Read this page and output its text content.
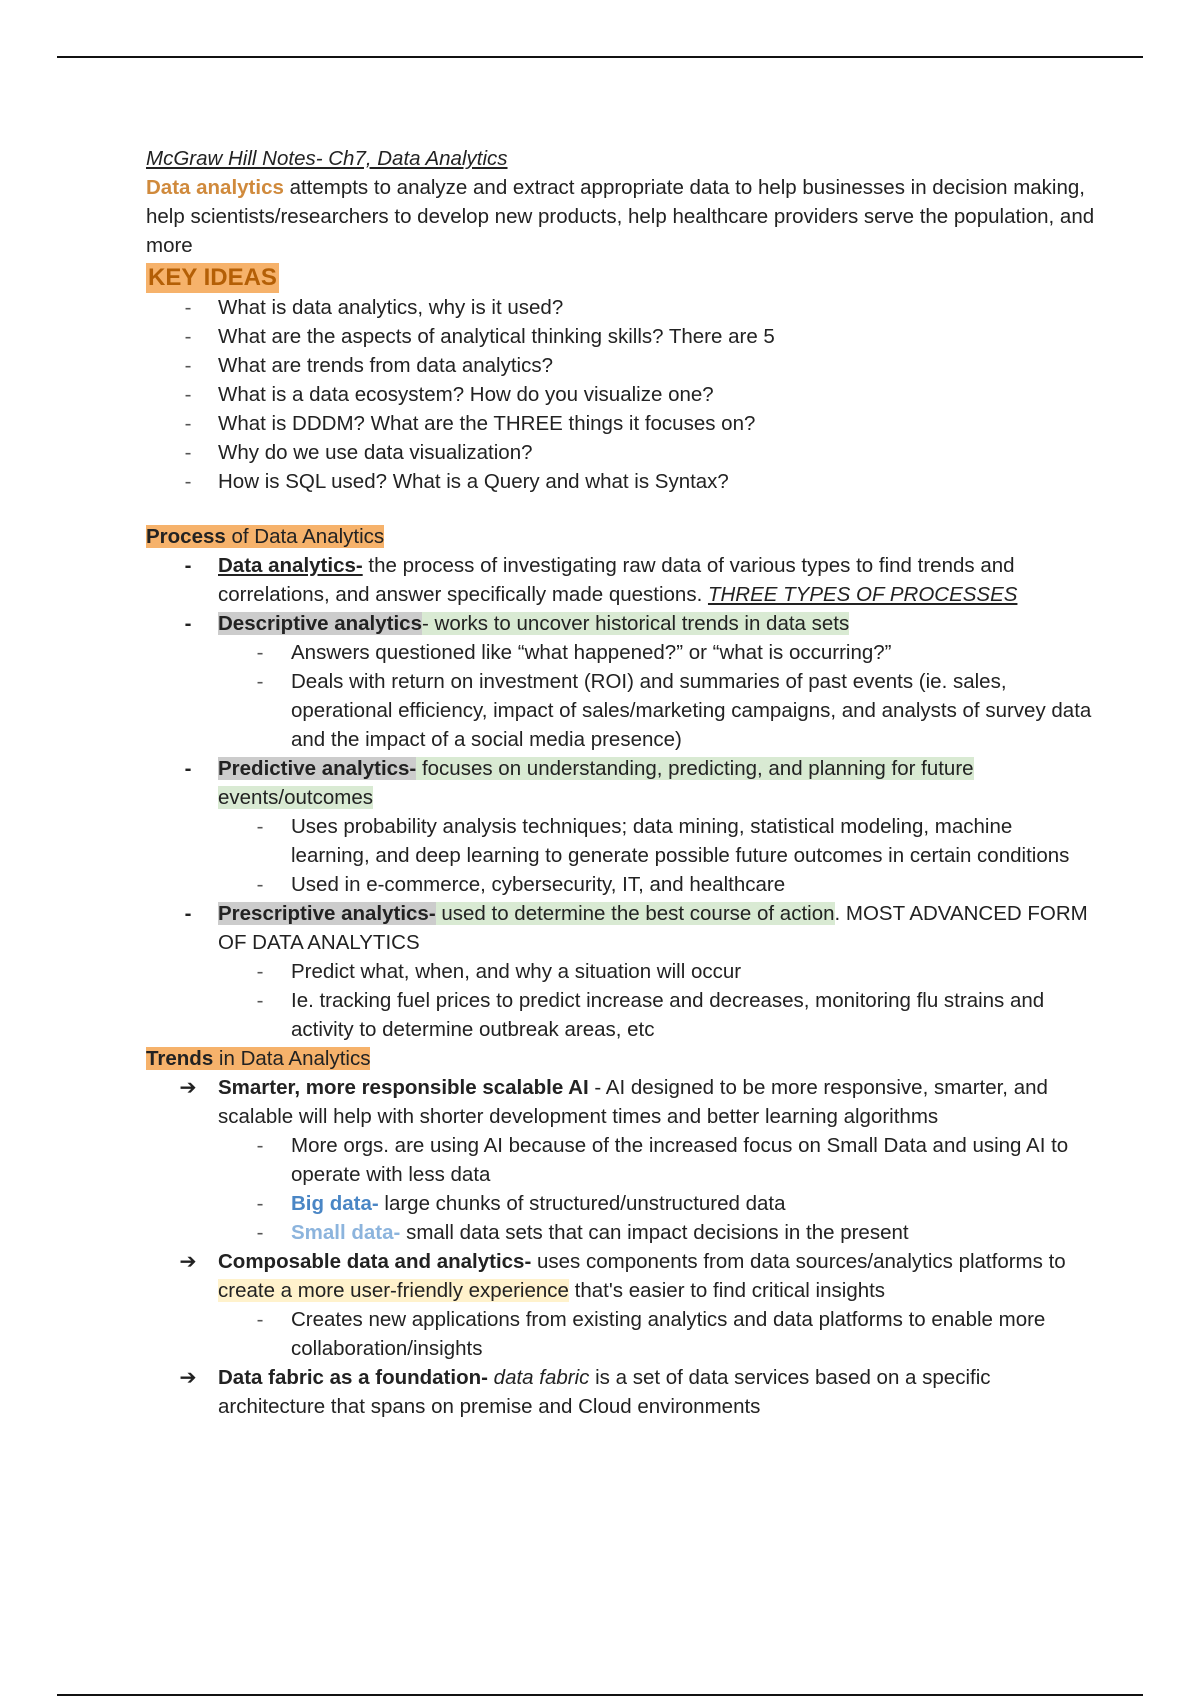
McGraw Hill Notes- Ch7, Data Analytics

Data analytics attempts to analyze and extract appropriate data to help businesses in decision making, help scientists/researchers to develop new products, help healthcare providers serve the population, and more

KEY IDEAS
-	What is data analytics, why is it used?
-	What are the aspects of analytical thinking skills? There are 5
-	What are trends from data analytics?
-	What is a data ecosystem? How do you visualize one?
-	What is DDDM? What are the THREE things it focuses on?
-	Why do we use data visualization?
-	How is SQL used? What is a Query and what is Syntax?

Process of Data Analytics

-	Data analytics- the process of investigating raw data of various types to find trends and correlations, and answer specifically made questions. THREE TYPES OF PROCESSES
-	Descriptive analytics- works to uncover historical trends in data sets
-	Answers questioned like “what happened?” or “what is occurring?”
-	Deals with return on investment (ROI) and summaries of past events (ie. sales, operational efficiency, impact of sales/marketing campaigns, and analysts of survey data and the impact of a social media presence)
-	Predictive analytics- focuses on understanding, predicting, and planning for future events/outcomes
-	Uses probability analysis techniques; data mining, statistical modeling, machine learning, and deep learning to generate possible future outcomes in certain conditions
-	Used in e-commerce, cybersecurity, IT, and healthcare
-	Prescriptive analytics- used to determine the best course of action. MOST ADVANCED FORM OF DATA ANALYTICS
-	Predict what, when, and why a situation will occur
-	Ie. tracking fuel prices to predict increase and decreases, monitoring flu strains and activity to determine outbreak areas, etc

Trends in Data Analytics

➔ Smarter, more responsible scalable AI - AI designed to be more responsive, smarter, and scalable will help with shorter development times and better learning algorithms
-	More orgs. are using AI because of the increased focus on Small Data and using AI to operate with less data
-	Big data- large chunks of structured/unstructured data
-	Small data- small data sets that can impact decisions in the present
➔ Composable data and analytics- uses components from data sources/analytics platforms to create a more user-friendly experience that's easier to find critical insights
-	Creates new applications from existing analytics and data platforms to enable more collaboration/insights
➔ Data fabric as a foundation- data fabric is a set of data services based on a specific architecture that spans on premise and Cloud environments
